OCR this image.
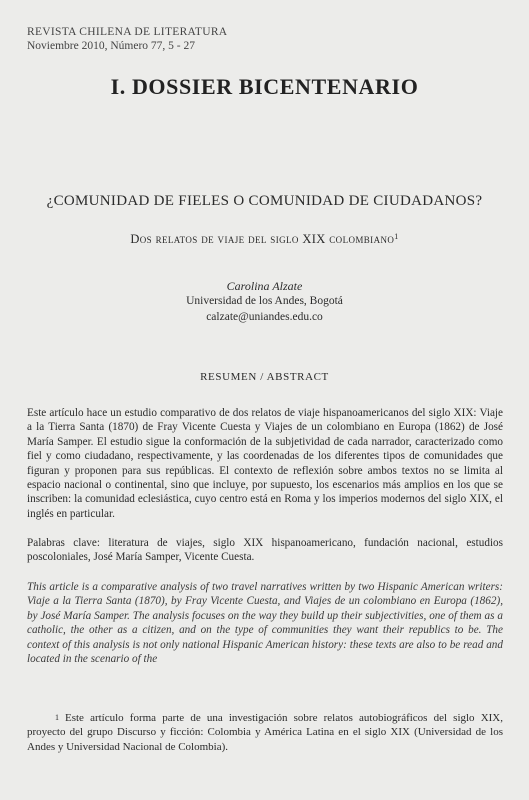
REVISTA CHILENA DE LITERATURA
Noviembre 2010, Número 77, 5 - 27
I. DOSSIER BICENTENARIO
¿COMUNIDAD DE FIELES O COMUNIDAD DE CIUDADANOS?
Dos relatos de viaje del siglo XIX colombiano$^1$
Carolina Alzate
Universidad de los Andes, Bogotá
calzate@uniandes.edu.co
RESUMEN / ABSTRACT
Este artículo hace un estudio comparativo de dos relatos de viaje hispanoamericanos del siglo XIX: Viaje a la Tierra Santa (1870) de Fray Vicente Cuesta y Viajes de un colombiano en Europa (1862) de José María Samper. El estudio sigue la conformación de la subjetividad de cada narrador, caracterizado como fiel y como ciudadano, respectivamente, y las coordenadas de los diferentes tipos de comunidades que figuran y proponen para sus repúblicas. El contexto de reflexión sobre ambos textos no se limita al espacio nacional o continental, sino que incluye, por supuesto, los escenarios más amplios en los que se inscriben: la comunidad eclesiástica, cuyo centro está en Roma y los imperios modernos del siglo XIX, el inglés en particular.
Palabras clave: literatura de viajes, siglo XIX hispanoamericano, fundación nacional, estudios poscoloniales, José María Samper, Vicente Cuesta.
This article is a comparative analysis of two travel narratives written by two Hispanic American writers: Viaje a la Tierra Santa (1870), by Fray Vicente Cuesta, and Viajes de un colombiano en Europa (1862), by José María Samper. The analysis focuses on the way they build up their subjectivities, one of them as a catholic, the other as a citizen, and on the type of communities they want their republics to be. The context of this analysis is not only national Hispanic American history: these texts are also to be read and located in the scenario of the
$^1$ Este artículo forma parte de una investigación sobre relatos autobiográficos del siglo XIX, proyecto del grupo Discurso y ficción: Colombia y América Latina en el siglo XIX (Universidad de los Andes y Universidad Nacional de Colombia).
